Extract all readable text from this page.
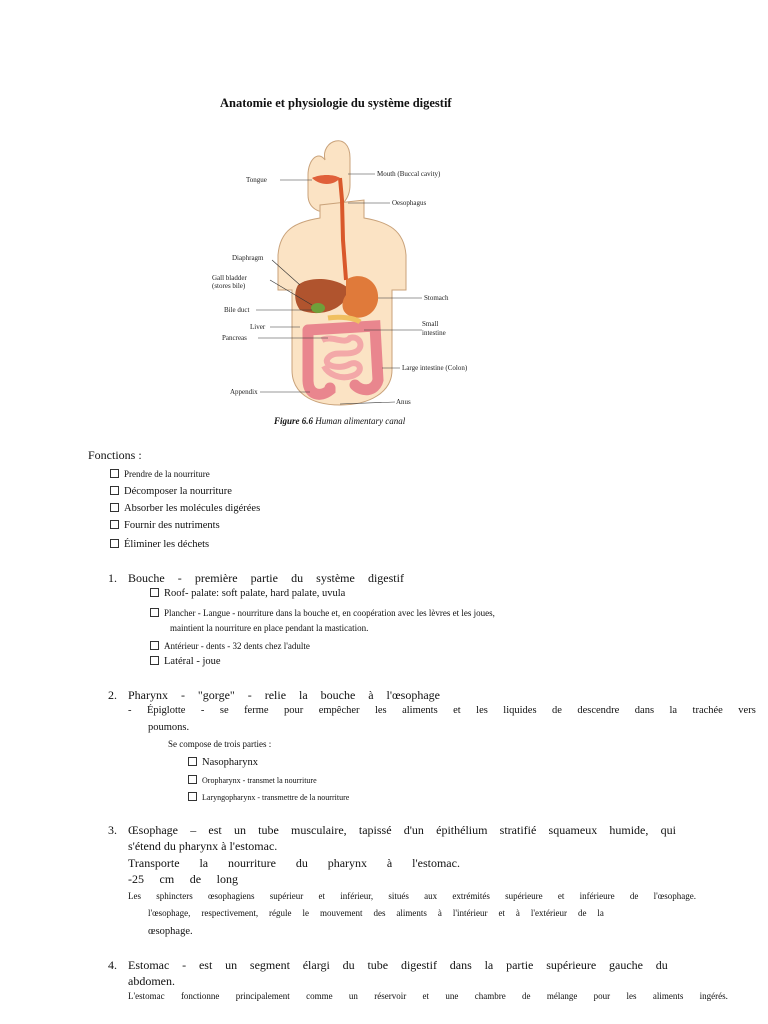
Anatomie et physiologie du système digestif
Tongue
Mouth (Buccal cavity)
Oesophagus
Diaphragm
Gall bladder
(stores bile)
Stomach
Bile duct
Liver	Small
intestine
Pancreas
Large intestine (Colon)
Appendix
Anus
Figure 6.6 Human alimentary canal
Fonctions :
Prendre de la nourriture
Décomposer la nourriture
Absorber les molécules digérées
Fournir des nutriments
Éliminer les déchets
1. Bouche - première partie du système digestif
Roof- palate: soft palate, hard palate, uvula
Plancher - Langue - nourriture dans la bouche et, en coopération avec les lèvres et les joues,
maintient la nourriture en place pendant la mastication.
Antérieur - dents - 32 dents chez l'adulte
Latéral - joue
2. Pharynx - "gorge" - relie la bouche à l'œsophage
- Épiglotte - se ferme pour empêcher les aliments et les liquides de descendre dans la trachée vers
poumons.
Se compose de trois parties :
Nasopharynx
Oropharynx - transmet la nourriture
Laryngopharynx - transmettre de la nourriture
3. Œsophage – est un tube musculaire, tapissé d'un épithélium stratifié squameux humide, qui
s'étend du pharynx à l'estomac.
Transporte la nourriture du pharynx à l'estomac.
-25 cm de long
Les sphincters œsophagiens supérieur et inférieur, situés aux extrémités supérieure et inférieure de l'œsophage.
l'œsophage, respectivement, régule le mouvement des aliments à l'intérieur et à l'extérieur de la
œsophage.
4. Estomac - est un segment élargi du tube digestif dans la partie supérieure gauche du
abdomen.
L'estomac fonctionne principalement comme un réservoir et une chambre de mélange pour les aliments ingérés.
